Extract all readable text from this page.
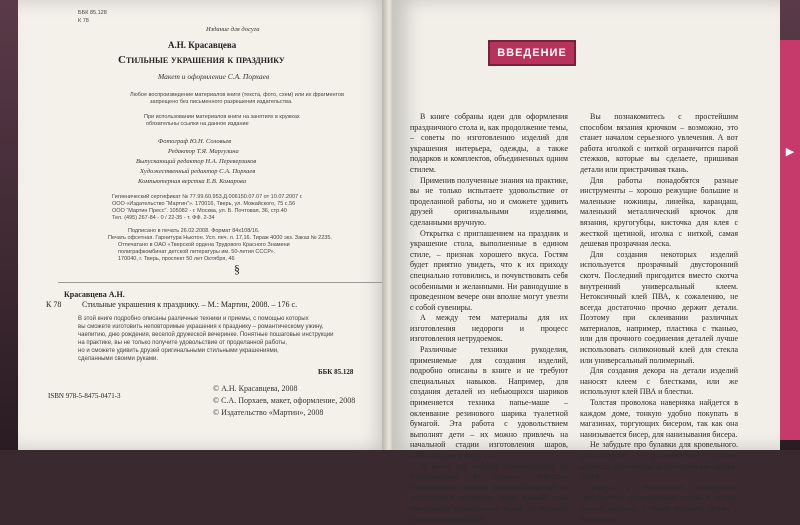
ББК 85.128
К 78
Издание для досуга
А.Н. Красавцева
Стильные украшения к празднику
Макет и оформление С.А. Порхаев
Любое воспроизведение материалов книги (текста, фото, схем) или их фрагментов
запрещено без письменного разрешения издательства.
При использовании материалов книги на занятиях в кружках
обязательны ссылки на данное издание
Фотограф Ю.Н. Соловьев
Редактор Т.Я. Маргулина
Выпускающий редактор Н.А. Переверзиков
Художественный редактор С.А. Порхаев
Компьютерная верстка Е.В. Комарова
Гигиенический сертификат № 77.99.60.953.Д.006150.07.07 от 10.07.2007 г.
ООО «Издательство “Мартин”». 170016, Тверь, ул. Можайского, 75 с.56
ООО “Мартин Пресс”. 105082 - г. Москва, ул. Б. Почтовая, 36, стр.40
Тел. (495) 267-84 - 0 / 22-35 - т. ФФ. 2-34
Подписано в печать 26.02.2008. Формат 84х108/16.
Печать офсетная. Гарнитура Ньютон. Усл. печ. л. 17,16. Тираж 4000 экз. Заказ № 2235.
Отпечатано в ОАО «Тверской ордена Трудового Красного Знамени
полиграфкомбинат детской литературы им. 50-летия СССР».
170040, г. Тверь, проспект 50 лет Октября, 46
§
Красавцева А.Н.
К 78	Стильные украшения к празднику. – М.: Мартин, 2008. – 176 с.
В этой книге подробно описаны различные техники и приемы, с помощью которых
вы сможете изготовить неповторимые украшения к празднику – романтическому ужину,
чаепитию, дню рождения, веселой дружеской вечеринке. Понятные пошаговые инструкции
на практике, вы не только получите удовольствие от проделанной работы,
но и сможете удивить друзей оригинальными стильными украшениями,
сделанными своими руками.
ББК 85.128
ISBN 978-5-8475-0471-3
© А.Н. Красавцева, 2008
© С.А. Порхаев, макет, оформление, 2008
© Издательство «Мартин», 2008
ВВЕДЕНИЕ

В книге собраны идеи для оформления праздничного стола и, как продолжение темы, – советы по изготовлению изделий для украшения интерьера, одежды, а также подарков и комплектов, объединенных одним стилем.

Применив полученные знания на практике, вы не только испытаете удовольствие от проделанной работы, но и сможете удивить друзей оригинальными изделиями, сделанными вручную.

Открытка с приглашением на праздник и украшение стола, выполненные в едином стиле, – признак хорошего вкуса. Гостям будет приятно увидеть, что к их приходу специально готовились, и почувствовать себя особенными и желанными. Ни равнодушие в проведенном вечере они вполне могут увезти с собой сувениры.

А между тем материалы для их изготовления недороги и процесс изготовления нетрудоемок.

Различные техники рукоделия, применяемые для создания изделий, подробно описаны в книге и не требуют специальных навыков. Например, для создания деталей из небьющихся шариков применяется техника папье-маше – оклеивание резинового шарика туалетной бумагой. Эта работа с удовольствием выполнят дети – их можно привлечь на начальной стадии изготовления шаров, поблагодарив и их за это.

В книге вы найдете рекомендации по изготовлению в технике декупажа (салфеточная техника) неполных изделий из двухслойных салфеток: один тонкий слой наклеивают разведенным водой до жидкого состояния клеем ПВА.

Вы познакомитесь с простейшим способом вязания крючком – возможно, это станет началом серьезного увлечения. А вот работа иголкой с ниткой ограничится парой стежков, которые вы сделаете, пришивая детали или пристрачивая ткань.

Для работы понадобятся разные инструменты – хорошо режущие большие и маленькие ножницы, линейка, карандаш, маленький металлический крючок для вязания, кругогубцы, кисточка для клея с жесткой щетиной, иголка с ниткой, самая дешевая прозрачная леска.

Для создания некоторых изделий используется прозрачный двусторонний скотч. Последний пригодится вместо скотча внутренний универсальный клеем. Нетоксичный клей ПВА, к сожалению, не всегда достаточно прочно держит детали. Поэтому при склеивании различных материалов, например, пластика с тканью, или для прочного соединения деталей лучше использовать силиконовый клей для стекла или универсальный полимерный.

Для создания декора на детали изделий наносят клеем с блестками, или же используют клей ПВА и блестки.

Толстая проволока наверняка найдется в каждом доме, тонкую удобно покупать в магазинах, торгующих бисером, так как она нанизывается бисер, для нанизывания бисера.

Не забудьте про булавки для кровельного. разноцветные и разноцветные скрепки, дырокол, скрепочные и проволочную краску-спрей.

Теперь о текстильных материалах. Приобретите разноцветные ленты и тесьму разной ширины, а также кружево, пряжу с блестками.

▶
